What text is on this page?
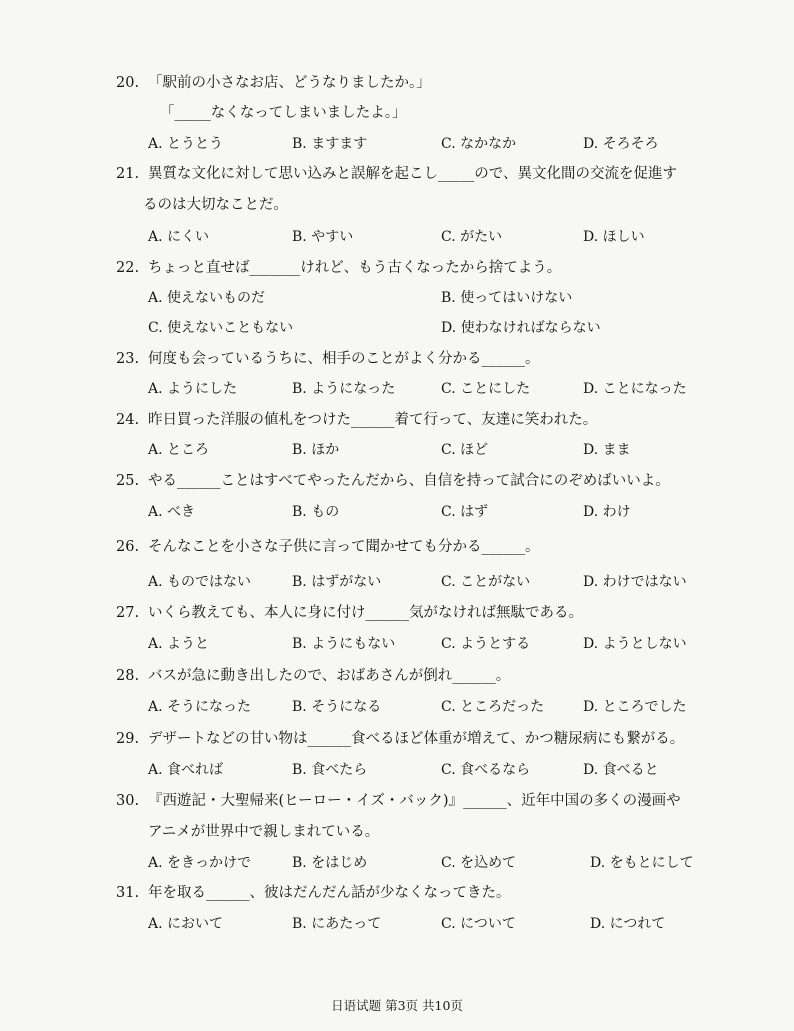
20. 「駅前の小さなお店、どうなりましたか。」
「_____なくなってしまいましたよ。」
A. とうとう	B. ますます	C. なかなか	D. そろそろ
21. 異質な文化に対して思い込みと誤解を起こし_____ので、異文化間の交流を促進す
るのは大切なことだ。
A. にくい	B. やすい	C. がたい	D. ほしい
22. ちょっと直せば_______けれど、もう古くなったから捨てよう。
A. 使えないものだ	B. 使ってはいけない
C. 使えないこともない	D. 使わなければならない
23. 何度も会っているうちに、相手のことがよく分かる______。
A. ようにした	B. ようになった	C. ことにした	D. ことになった
24. 昨日買った洋服の値札をつけた______着て行って、友達に笑われた。
A. ところ	B. ほか	C. ほど	D. まま
25. やる______ことはすべてやったんだから、自信を持って試合にのぞめばいいよ。
A. べき	B. もの	C. はず	D. わけ
26. そんなことを小さな子供に言って聞かせても分かる______。
A. ものではない	B. はずがない	C. ことがない	D. わけではない
27. いくら教えても、本人に身に付け______気がなければ無駄である。
A. ようと	B. ようにもない	C. ようとする	D. ようとしない
28. バスが急に動き出したので、おばあさんが倒れ______。
A. そうになった	B. そうになる	C. ところだった	D. ところでした
29. デザートなどの甘い物は______食べるほど体重が増えて、かつ糖尿病にも繋がる。
A. 食べれば	B. 食べたら	C. 食べるなら	D. 食べると
30. 『西遊記・大聖帰来(ヒーロー・イズ・バック)』______、近年中国の多くの漫画や
アニメが世界中で親しまれている。
A. をきっかけで	B. をはじめ	C. を込めて	D. をもとにして
31. 年を取る______、彼はだんだん話が少なくなってきた。
A. において	B. にあたって	C. について	D. につれて
日语试题 第3页 共10页
